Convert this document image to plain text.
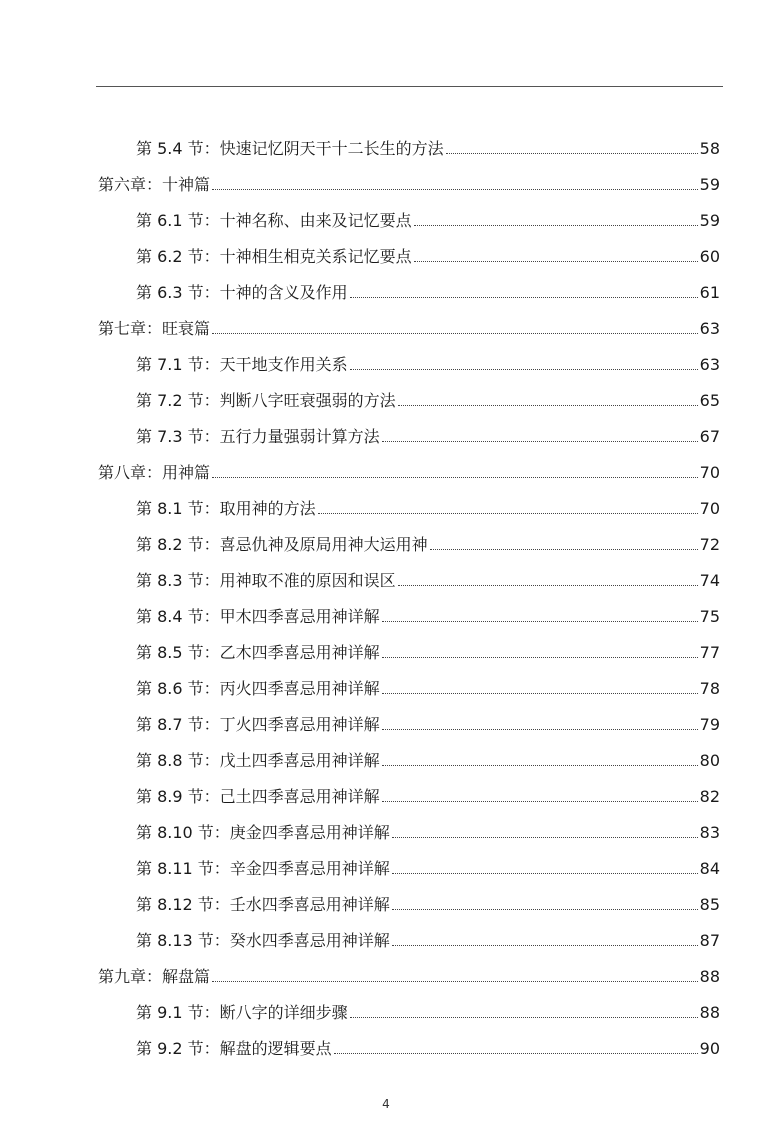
第 5.4 节：快速记忆阴天干十二长生的方法	58
第六章：十神篇	59
第 6.1 节：十神名称、由来及记忆要点	59
第 6.2 节：十神相生相克关系记忆要点	60
第 6.3 节：十神的含义及作用	61
第七章：旺衰篇	63
第 7.1 节：天干地支作用关系	63
第 7.2 节：判断八字旺衰强弱的方法	65
第 7.3 节：五行力量强弱计算方法	67
第八章：用神篇	70
第 8.1 节：取用神的方法	70
第 8.2 节：喜忌仇神及原局用神大运用神	72
第 8.3 节：用神取不准的原因和误区	74
第 8.4 节：甲木四季喜忌用神详解	75
第 8.5 节：乙木四季喜忌用神详解	77
第 8.6 节：丙火四季喜忌用神详解	78
第 8.7 节：丁火四季喜忌用神详解	79
第 8.8 节：戊土四季喜忌用神详解	80
第 8.9 节：己土四季喜忌用神详解	82
第 8.10 节：庚金四季喜忌用神详解	83
第 8.11 节：辛金四季喜忌用神详解	84
第 8.12 节：壬水四季喜忌用神详解	85
第 8.13 节：癸水四季喜忌用神详解	87
第九章：解盘篇	88
第 9.1 节：断八字的详细步骤	88
第 9.2 节：解盘的逻辑要点	90
4
